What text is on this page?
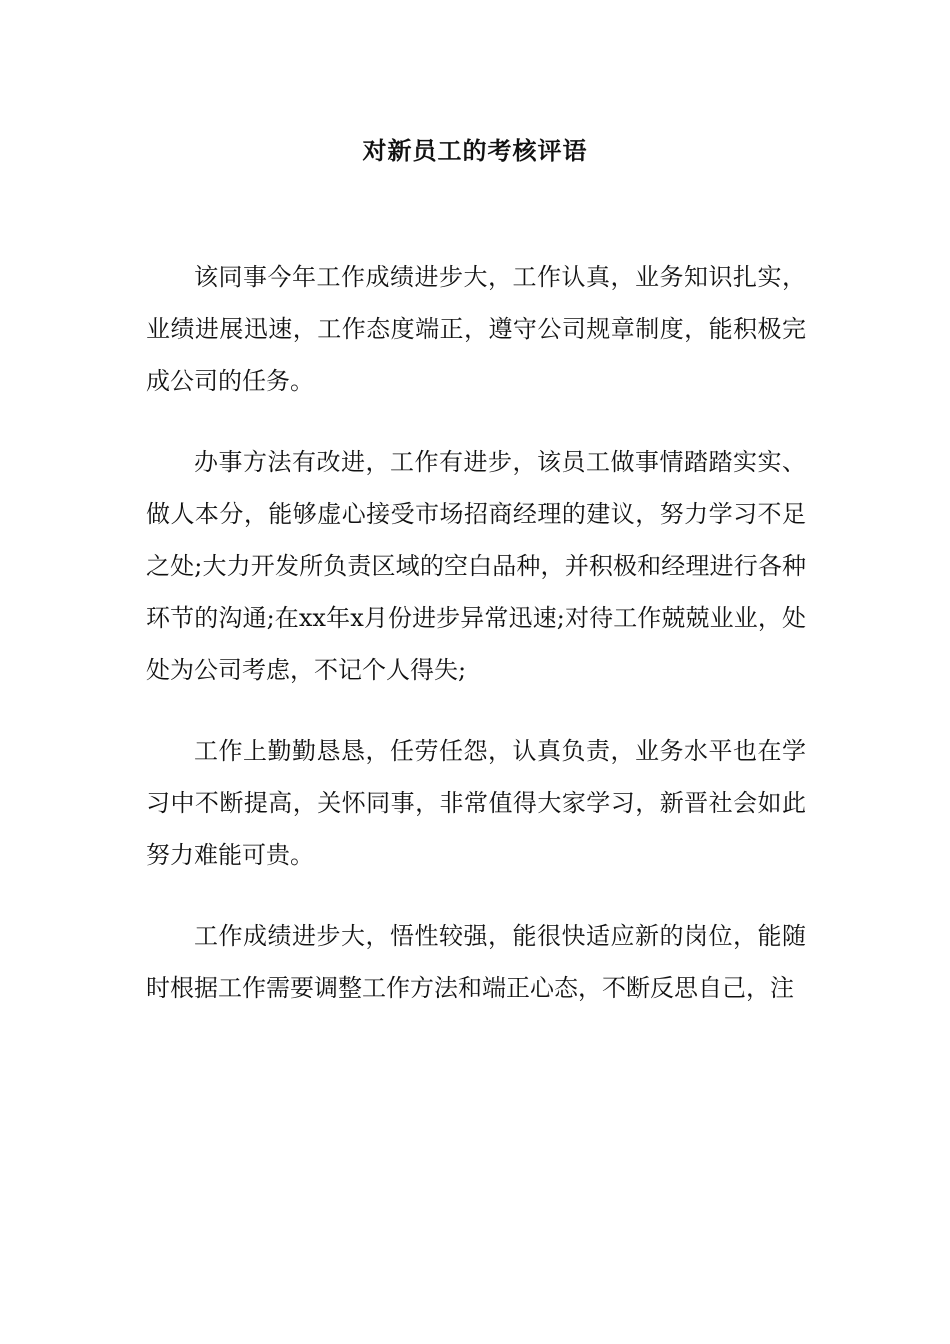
对新员工的考核评语

该同事今年工作成绩进步大，工作认真，业务知识扎实，业绩进展迅速，工作态度端正，遵守公司规章制度，能积极完成公司的任务。

办事方法有改进，工作有进步，该员工做事情踏踏实实、做人本分，能够虚心接受市场招商经理的建议，努力学习不足之处;大力开发所负责区域的空白品种，并积极和经理进行各种环节的沟通;在xx年x月份进步异常迅速;对待工作兢兢业业，处处为公司考虑，不记个人得失;

工作上勤勤恳恳，任劳任怨，认真负责，业务水平也在学习中不断提高，关怀同事，非常值得大家学习，新晋社会如此努力难能可贵。

工作成绩进步大，悟性较强，能很快适应新的岗位，能随时根据工作需要调整工作方法和端正心态，不断反思自己，注
